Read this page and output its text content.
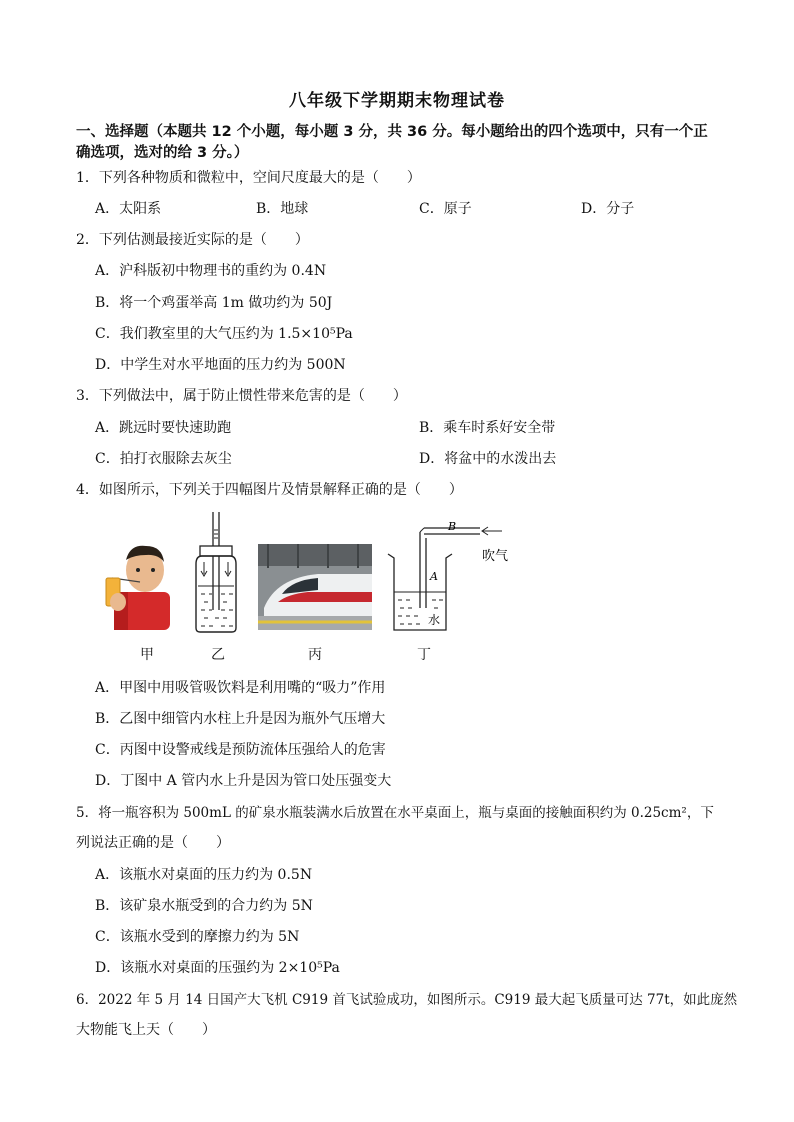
八年级下学期期末物理试卷
一、选择题（本题共 12 个小题，每小题 3 分，共 36 分。每小题给出的四个选项中，只有一个正
确选项，选对的给 3 分。）
1．下列各种物质和微粒中，空间尺度最大的是（　　）
A．太阳系	B．地球	C．原子	D．分子
2．下列估测最接近实际的是（　　）
A．沪科版初中物理书的重约为 0.4N
B．将一个鸡蛋举高 1m 做功约为 50J
C．我们教室里的大气压约为 1.5×10⁵Pa
D．中学生对水平地面的压力约为 500N
3．下列做法中，属于防止惯性带来危害的是（　　）
A．跳远时要快速助跑	B．乘车时系好安全带
C．拍打衣服除去灰尘	D．将盆中的水泼出去
4．如图所示，下列关于四幅图片及情景解释正确的是（　　）
甲	乙	丙
B
吹气
A
水
丁
A．甲图中用吸管吸饮料是利用嘴的“吸力”作用
B．乙图中细管内水柱上升是因为瓶外气压增大
C．丙图中设警戒线是预防流体压强给人的危害
D．丁图中 A 管内水上升是因为管口处压强变大
5．将一瓶容积为 500mL 的矿泉水瓶装满水后放置在水平桌面上，瓶与桌面的接触面积约为 0.25cm²，下
列说法正确的是（　　）
A．该瓶水对桌面的压力约为 0.5N
B．该矿泉水瓶受到的合力约为 5N
C．该瓶水受到的摩擦力约为 5N
D．该瓶水对桌面的压强约为 2×10⁵Pa
6．2022 年 5 月 14 日国产大飞机 C919 首飞试验成功，如图所示。C919 最大起飞质量可达 77t，如此庞然
大物能飞上天（　　）
